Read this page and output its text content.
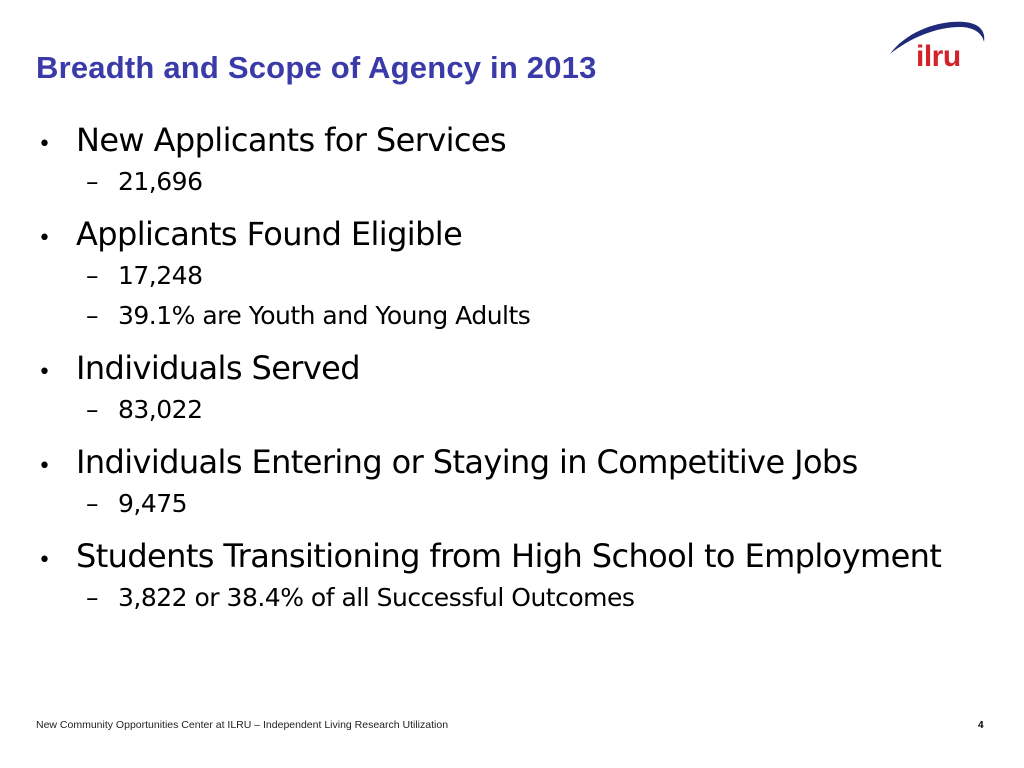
Breadth and Scope of Agency in 2013	ilru
• New Applicants for Services
– 21,696
• Applicants Found Eligible
– 17,248
– 39.1% are Youth and Young Adults
• Individuals Served
– 83,022
• Individuals Entering or Staying in Competitive Jobs
– 9,475
• Students Transitioning from High School to Employment
– 3,822 or 38.4% of all Successful Outcomes
New Community Opportunities Center at ILRU – Independent Living Research Utilization	4
